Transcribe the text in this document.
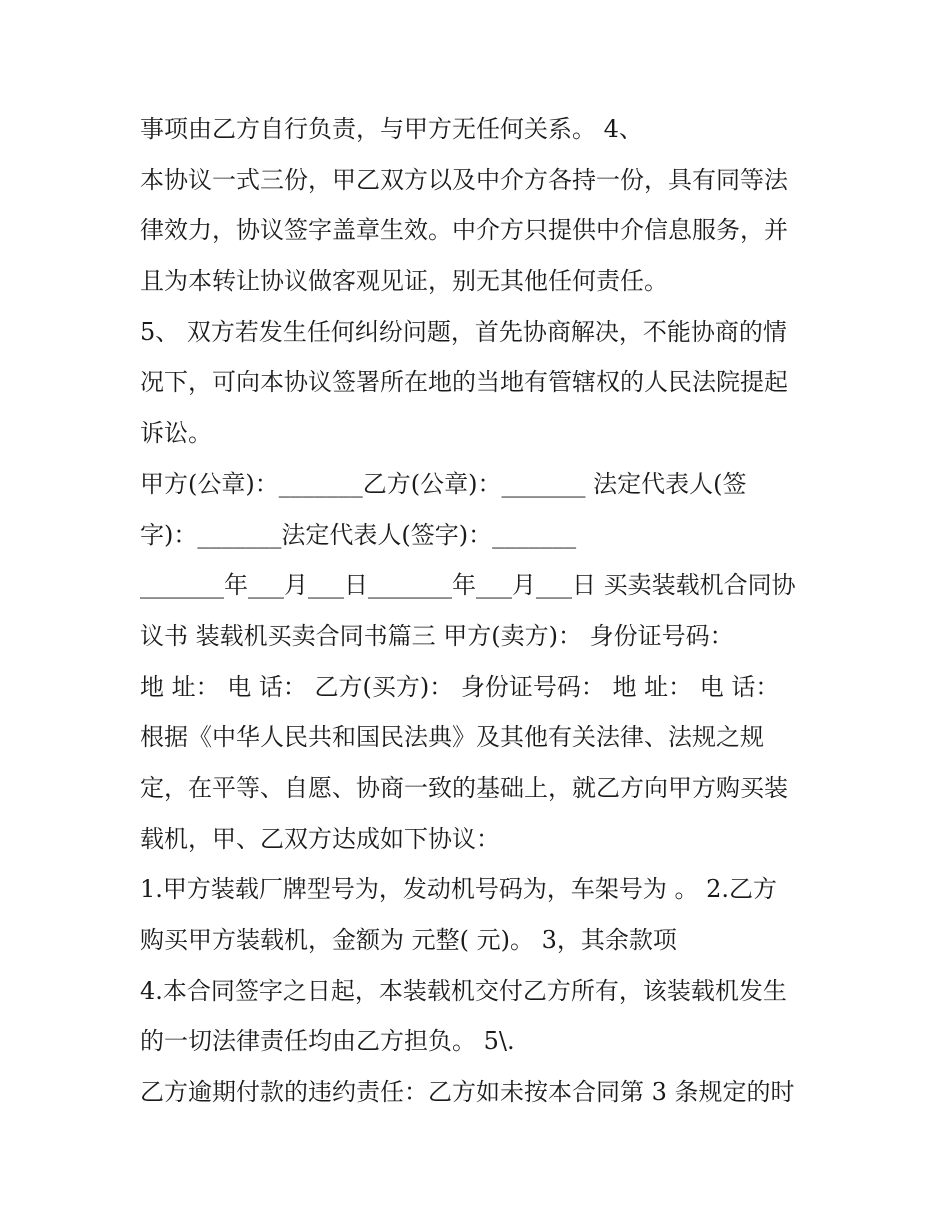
事项由乙方自行负责，与甲方无任何关系。 4、
本协议一式三份，甲乙双方以及中介方各持一份，具有同等法
律效力，协议签字盖章生效。中介方只提供中介信息服务，并
且为本转让协议做客观见证，别无其他任何责任。
5、 双方若发生任何纠纷问题，首先协商解决，不能协商的情
况下，可向本协议签署所在地的当地有管辖权的人民法院提起
诉讼。
甲方(公章)：_______乙方(公章)：_______ 法定代表人(签
字)：_______法定代表人(签字)：_______
_______年___月___日_______年___月___日 买卖装载机合同协
议书 装载机买卖合同书篇三 甲方(卖方)： 身份证号码：
地 址： 电 话： 乙方(买方)： 身份证号码： 地 址： 电 话：
根据《中华人民共和国民法典》及其他有关法律、法规之规
定，在平等、自愿、协商一致的基础上，就乙方向甲方购买装
载机，甲、乙双方达成如下协议：
1.甲方装载厂牌型号为，发动机号码为，车架号为 。 2.乙方
购买甲方装载机，金额为 元整( 元)。 3，其余款项
4.本合同签字之日起，本装载机交付乙方所有，该装载机发生
的一切法律责任均由乙方担负。 5\.
乙方逾期付款的违约责任：乙方如未按本合同第 3 条规定的时
